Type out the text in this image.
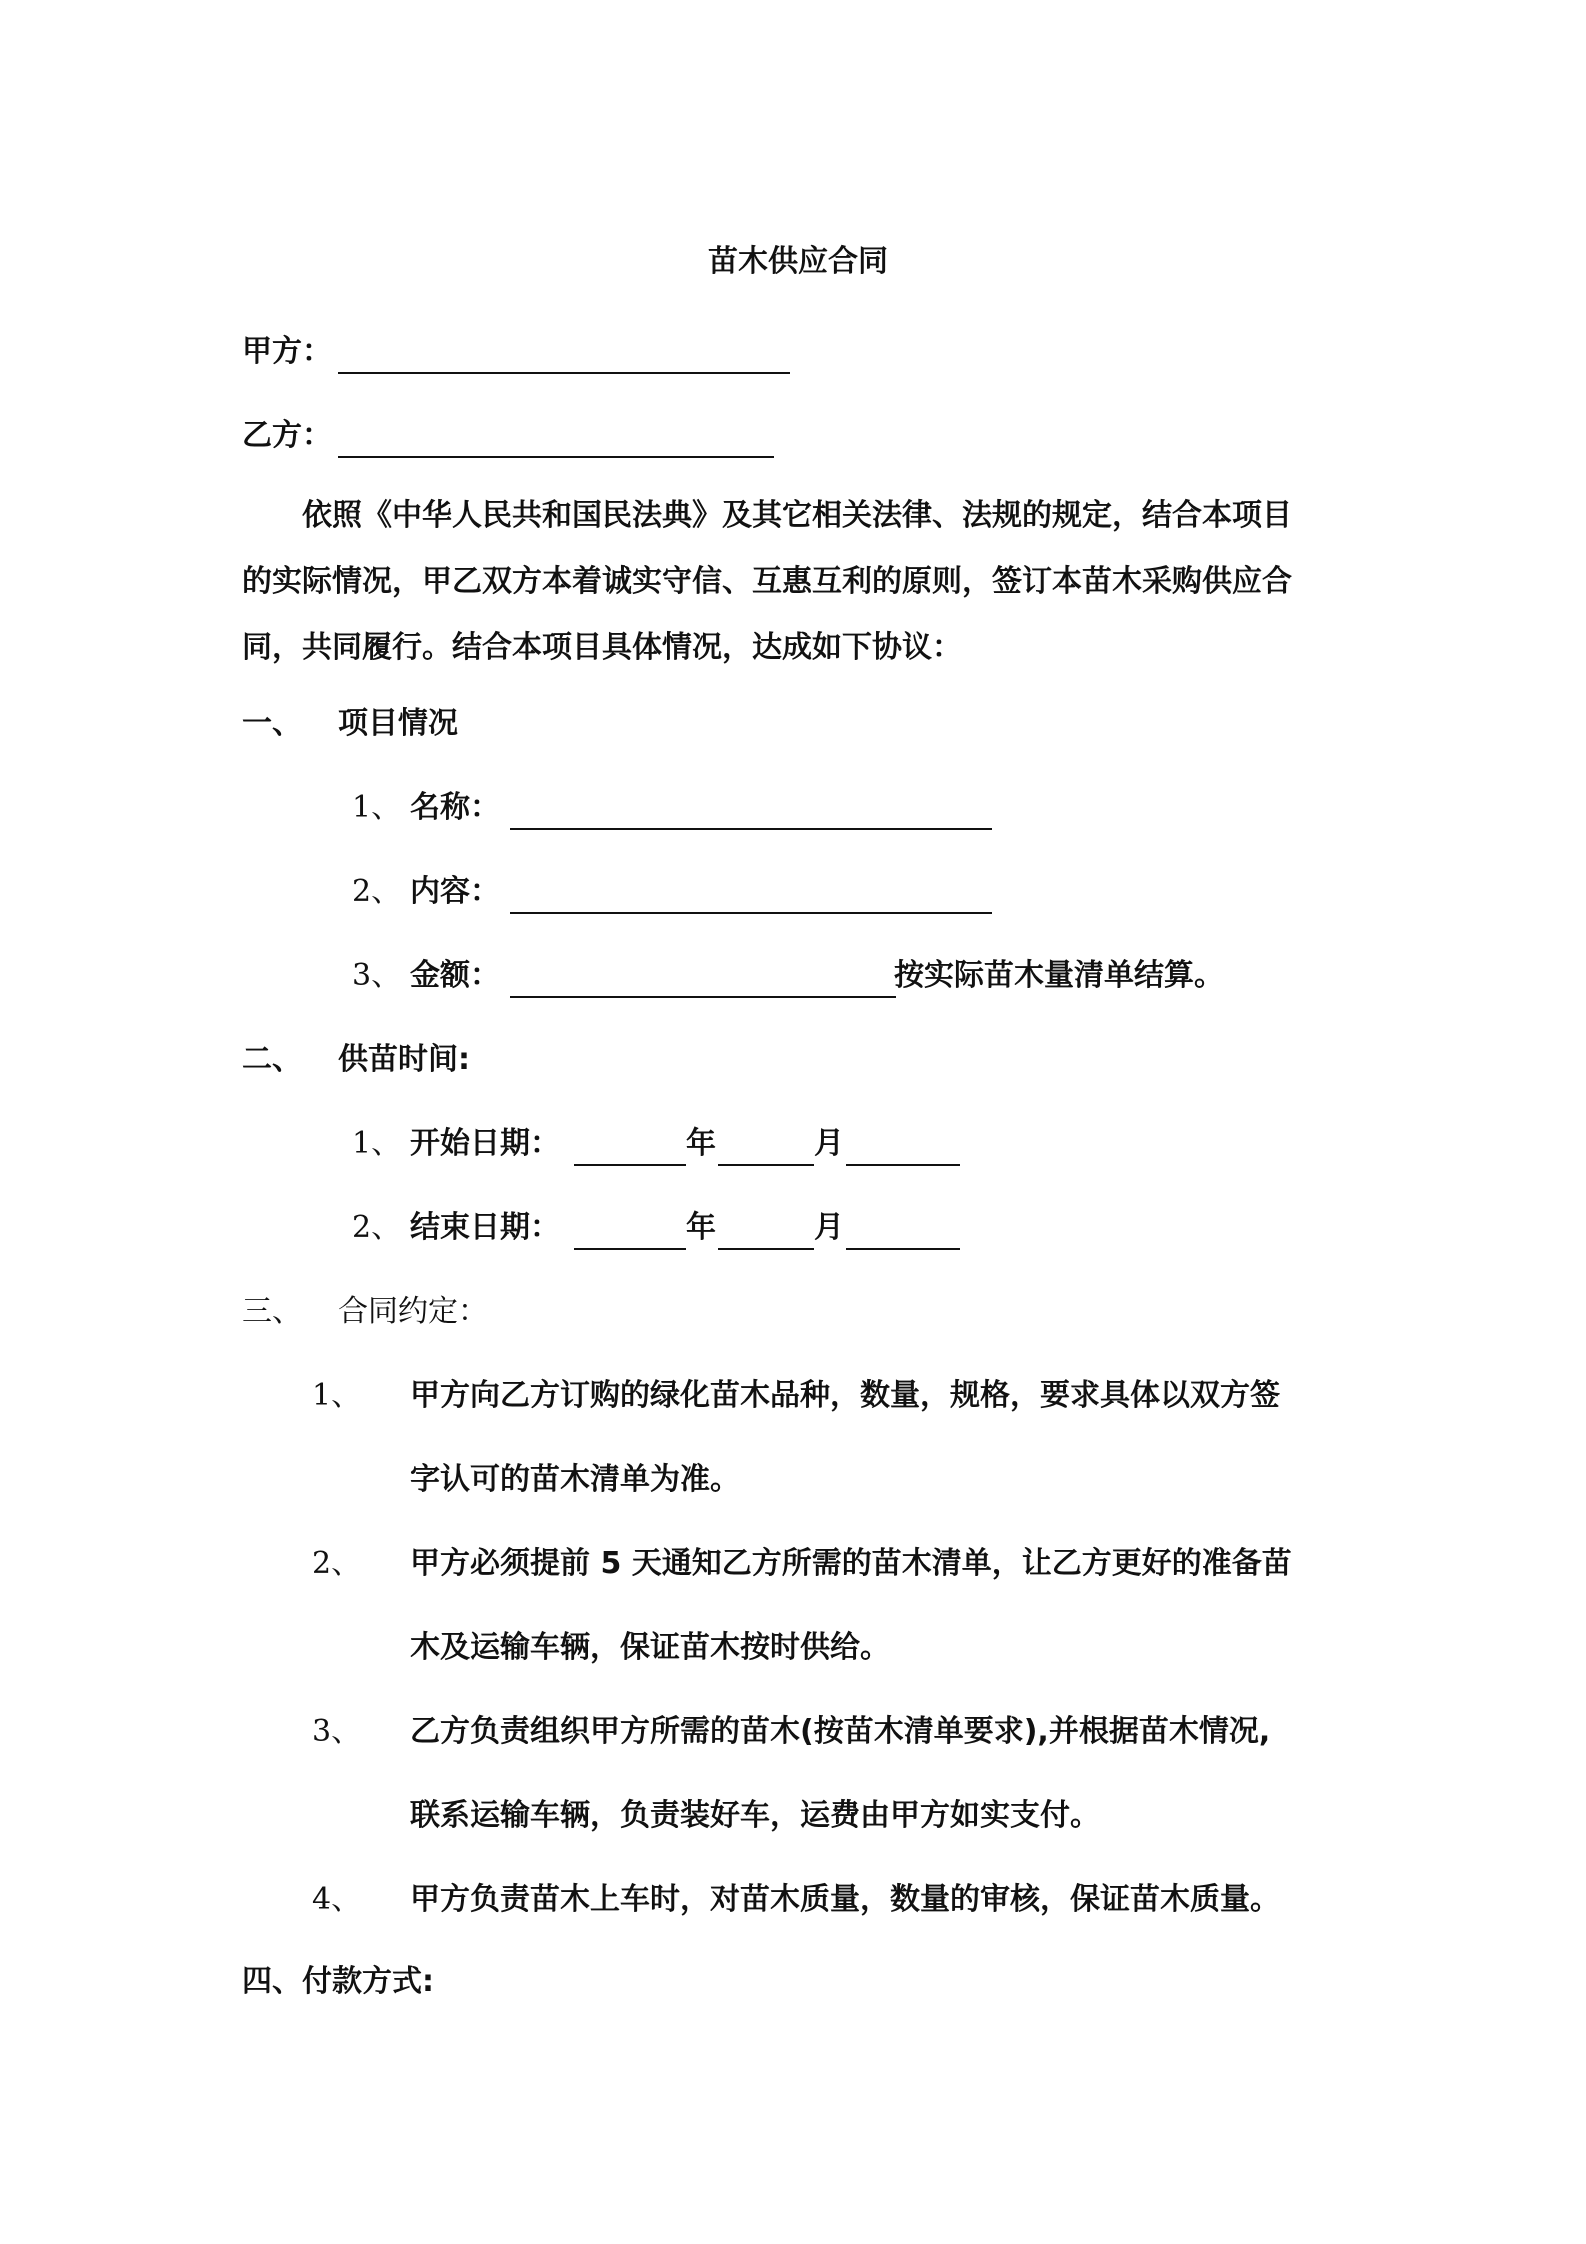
苗木供应合同
甲方：
乙方：
依照《中华人民共和国民法典》及其它相关法律、法规的规定，结合本项目
的实际情况，甲乙双方本着诚实守信、互惠互利的原则，签订本苗木采购供应合
同，共同履行。结合本项目具体情况，达成如下协议：
一、 项目情况
1、 名称：
2、 内容：
3、 金额：	按实际苗木量清单结算。
二、 供苗时间:
1、 开始日期：	年	月
2、 结束日期：	年	月
三、 合同约定：
1、 甲方向乙方订购的绿化苗木品种，数量，规格，要求具体以双方签
字认可的苗木清单为准。
2、 甲方必须提前 5 天通知乙方所需的苗木清单，让乙方更好的准备苗
木及运输车辆，保证苗木按时供给。
3、 乙方负责组织甲方所需的苗木(按苗木清单要求),并根据苗木情况,
联系运输车辆，负责装好车，运费由甲方如实支付。
4、 甲方负责苗木上车时，对苗木质量，数量的审核，保证苗木质量。
四、付款方式:
